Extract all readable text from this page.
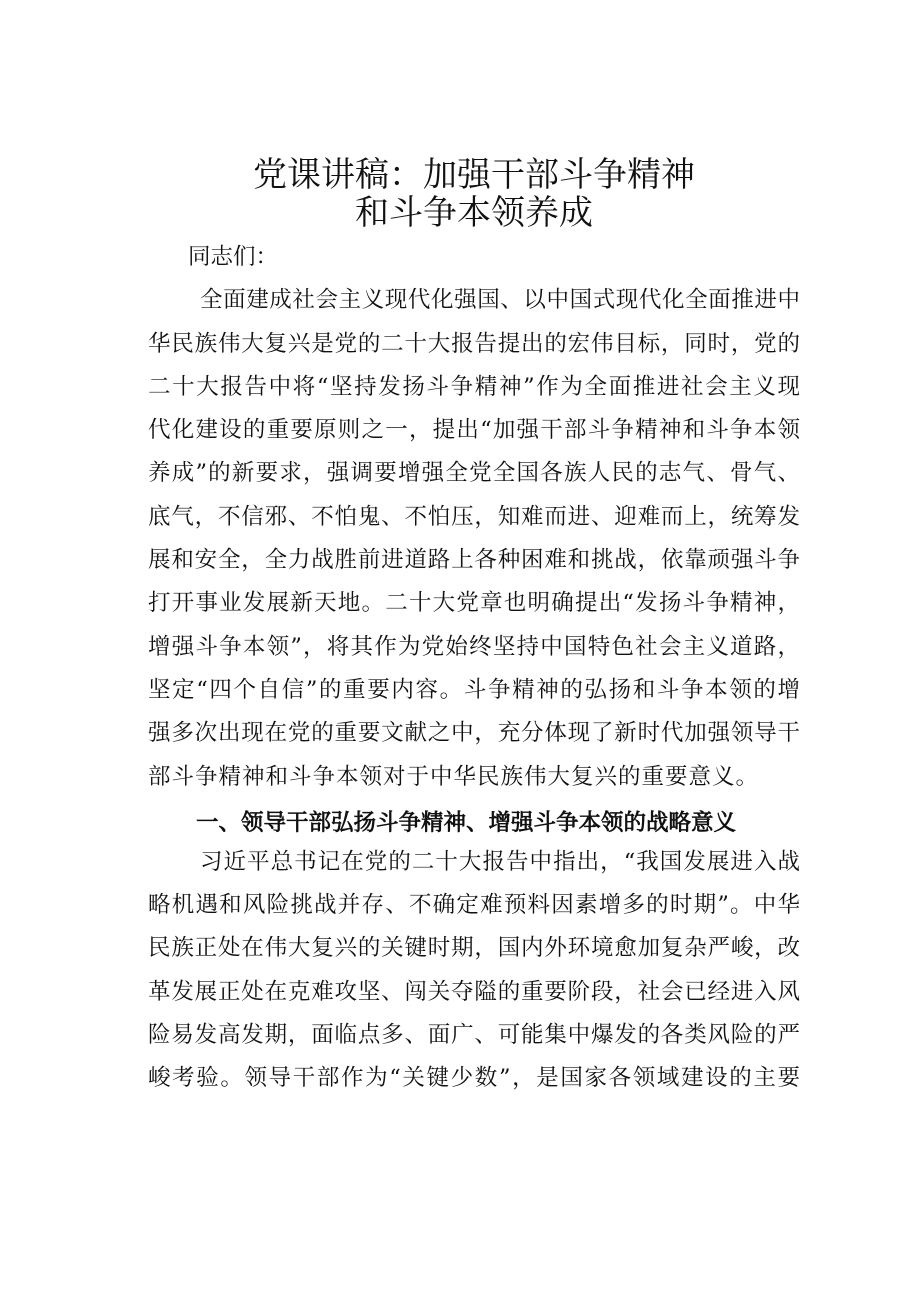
党课讲稿：加强干部斗争精神
和斗争本领养成
同志们：
全面建成社会主义现代化强国、以中国式现代化全面推进中
华民族伟大复兴是党的二十大报告提出的宏伟目标，同时，党的
二十大报告中将“坚持发扬斗争精神”作为全面推进社会主义现
代化建设的重要原则之一，提出“加强干部斗争精神和斗争本领
养成”的新要求，强调要增强全党全国各族人民的志气、骨气、
底气，不信邪、不怕鬼、不怕压，知难而进、迎难而上，统筹发
展和安全，全力战胜前进道路上各种困难和挑战，依靠顽强斗争
打开事业发展新天地。二十大党章也明确提出“发扬斗争精神，
增强斗争本领”，将其作为党始终坚持中国特色社会主义道路，
坚定“四个自信”的重要内容。斗争精神的弘扬和斗争本领的增
强多次出现在党的重要文献之中，充分体现了新时代加强领导干
部斗争精神和斗争本领对于中华民族伟大复兴的重要意义。
一、领导干部弘扬斗争精神、增强斗争本领的战略意义
习近平总书记在党的二十大报告中指出，“我国发展进入战
略机遇和风险挑战并存、不确定难预料因素增多的时期”。中华
民族正处在伟大复兴的关键时期，国内外环境愈加复杂严峻，改
革发展正处在克难攻坚、闯关夺隘的重要阶段，社会已经进入风
险易发高发期，面临点多、面广、可能集中爆发的各类风险的严
峻考验。领导干部作为“关键少数”，是国家各领域建设的主要
